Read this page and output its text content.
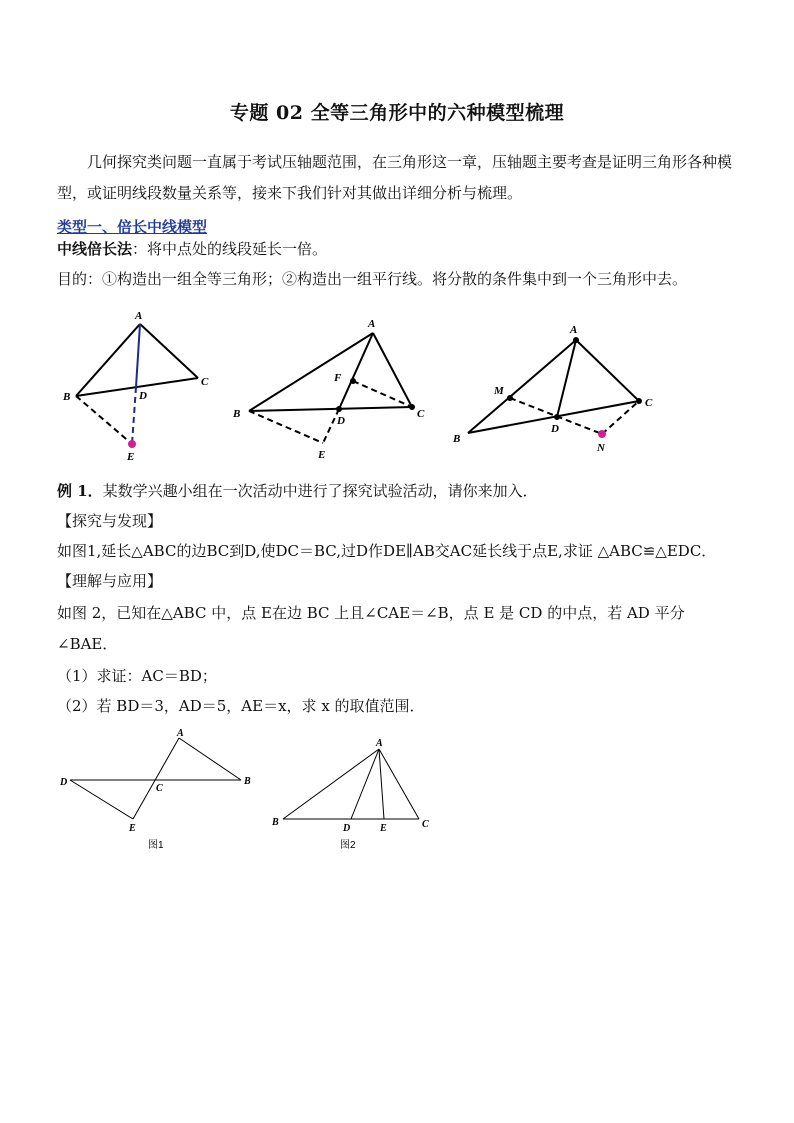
专题 02 全等三角形中的六种模型梳理
几何探究类问题一直属于考试压轴题范围，在三角形这一章，压轴题主要考查是证明三角形各种模型，或证明线段数量关系等，接来下我们针对其做出详细分析与梳理。
类型一、倍长中线模型
中线倍长法：将中点处的线段延长一倍。
目的：①构造出一组全等三角形；②构造出一组平行线。将分散的条件集中到一个三角形中去。
A
B
C
D
E
A
B	C
D
E
F
A
B
C
D
M
N
例 1．某数学兴趣小组在一次活动中进行了探究试验活动，请你来加入．
【探究与发现】
如图1,延长△ABC的边BC到D,使DC＝BC,过D作DE∥AB交AC延长线于点E,求证 △ABC≌△EDC．
【理解与应用】
如图 2，已知在△ABC 中，点 E在边 BC 上且∠CAE＝∠B，点 E 是 CD 的中点，若 AD 平分
∠BAE．
（1）求证：AC＝BD；
（2）若 BD＝3，AD＝5，AE＝x，求 x 的取值范围．
A
B
C
D
E
图1
A
B	C
D	E
图2
